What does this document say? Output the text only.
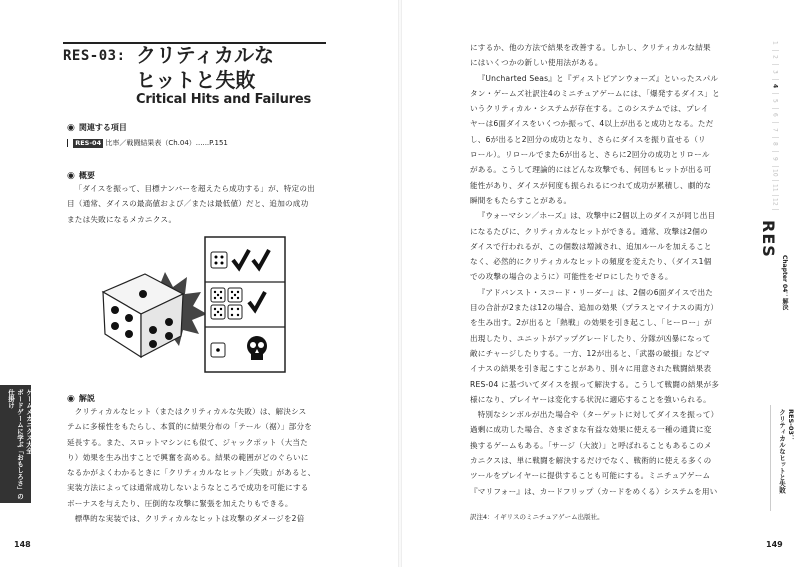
RES-03: クリティカルな
ヒットと失敗
Critical Hits and Failures
◉ 関連する項目
RES-04 比率／戦闘結果表（Ch.04）......P.151
◉ 概要

「ダイスを振って、目標ナンバーを超えたら成功する」が、特定の出

目（通常、ダイスの最高値および／または最低値）だと、追加の成功

または失敗になるメカニクス。

◉ 解説

クリティカルなヒット（またはクリティカルな失敗）は、解決シス

テムに多様性をもたらし、本質的に結果分布の「テール（裾）」部分を

延長する。また、スロットマシンにも似て、ジャックポット（大当た

り）効果を生み出すことで興奮を高める。結果の範囲がどのぐらいに

なるかがよくわかるときに「クリティカルなヒット／失敗」があると、

実装方法によっては通常成功しないようなところで成功を可能にする

ボーナスを与えたり、圧倒的な攻撃に緊張を加えたりもできる。

標準的な実装では、クリティカルなヒットは攻撃のダメージを2倍

ゲームメカニクス大全
ボードゲームに学ぶ「おもしろさ」の仕掛け
148

にするか、他の方法で結果を改善する。しかし、クリティカルな結果

にはいくつかの新しい使用法がある。

『Uncharted Seas』と『ディストピアンウォーズ』といったスパル

タン・ゲームズ社訳注4のミニチュアゲームには、「爆発するダイス」と

いうクリティカル・システムが存在する。このシステムでは、プレイ

ヤーは6面ダイスをいくつか振って、4以上が出ると成功となる。ただ

し、6が出ると2回分の成功となり、さらにダイスを振り直せる（リ

ロール）。リロールでまた6が出ると、さらに2回分の成功とリロール

がある。こうして理論的にはどんな攻撃でも、何回もヒットが出る可

能性があり、ダイスが何度も振られるにつれて成功が累積し、劇的な

瞬間をもたらすことがある。

『ウォーマシン／ホーズ』は、攻撃中に2個以上のダイスが同じ出目

になるたびに、クリティカルなヒットができる。通常、攻撃は2個の

ダイスで行われるが、この個数は増減され、追加ルールを加えること

なく、必然的にクリティカルなヒットの頻度を変えたり、（ダイス1個

での攻撃の場合のように）可能性をゼロにしたりできる。

『アドバンスト・スコード・リーダー』は、2個の6面ダイスで出た

目の合計が2または12の場合、追加の効果（プラスとマイナスの両方）

を生み出す。2が出ると「熱戦」の効果を引き起こし、「ヒーロー」が

出現したり、ユニットがアップグレードしたり、分隊が凶暴になって

敵にチャージしたりする。一方、12が出ると、「武器の破損」などマ

イナスの結果を引き起こすことがあり、別々に用意された戦闘結果表

RES-04 に基づいてダイスを振って解決する。こうして戦闘の結果が多

様になり、プレイヤーは変化する状況に適応することを強いられる。

特別なシンボルが出た場合や（ターゲットに対してダイスを振って）

過剰に成功した場合、さまざまな有益な効果に使える一種の通貨に変

換するゲームもある。「サージ（大波）」と呼ばれることもあるこのメ

カニクスは、単に戦闘を解決するだけでなく、戦術的に使える多くの

ツールをプレイヤーに提供することも可能にする。ミニチュアゲーム

『マリフォー』は、カードフリップ（カードをめくる）システムを用い

訳注4：イギリスのミニチュアゲーム出版社。
1
2
3
4
5
6
7
8
9
10
11
12
RES
Chapter 04：解決
RES-03：
クリティカルなヒットと失敗
149
